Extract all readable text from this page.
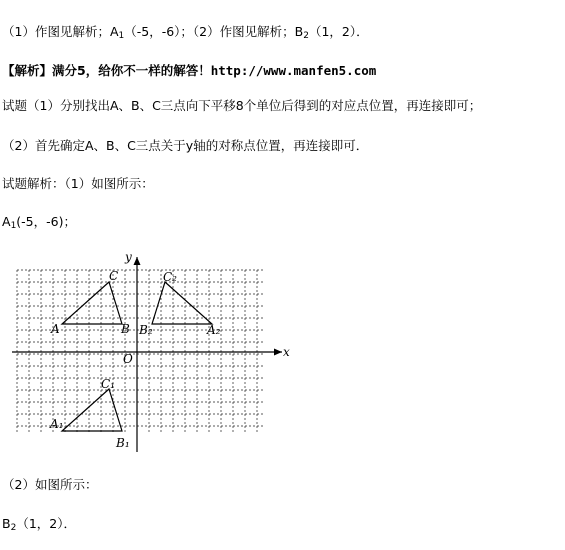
（1）作图见解析；$A_1(-5$，-6）；（2）作图见解析；$B_2(1$，2）．
【解析】满分5，给你不一样的解答！http://www.manfen5.com
试题（1）分别找出A、B、C三点向下平移8个单位后得到的对应点位置，再连接即可；
（2）首先确定A、B、C三点关于y轴的对称点位置，再连接即可．
试题解析：（1）如图所示：
$A_1(-5$，-6)；
y
x
O
C
A	B
C₂
B₂	A₂
C₁
A₁
B₁
（2）如图所示：
$B_2(1$，2）．
